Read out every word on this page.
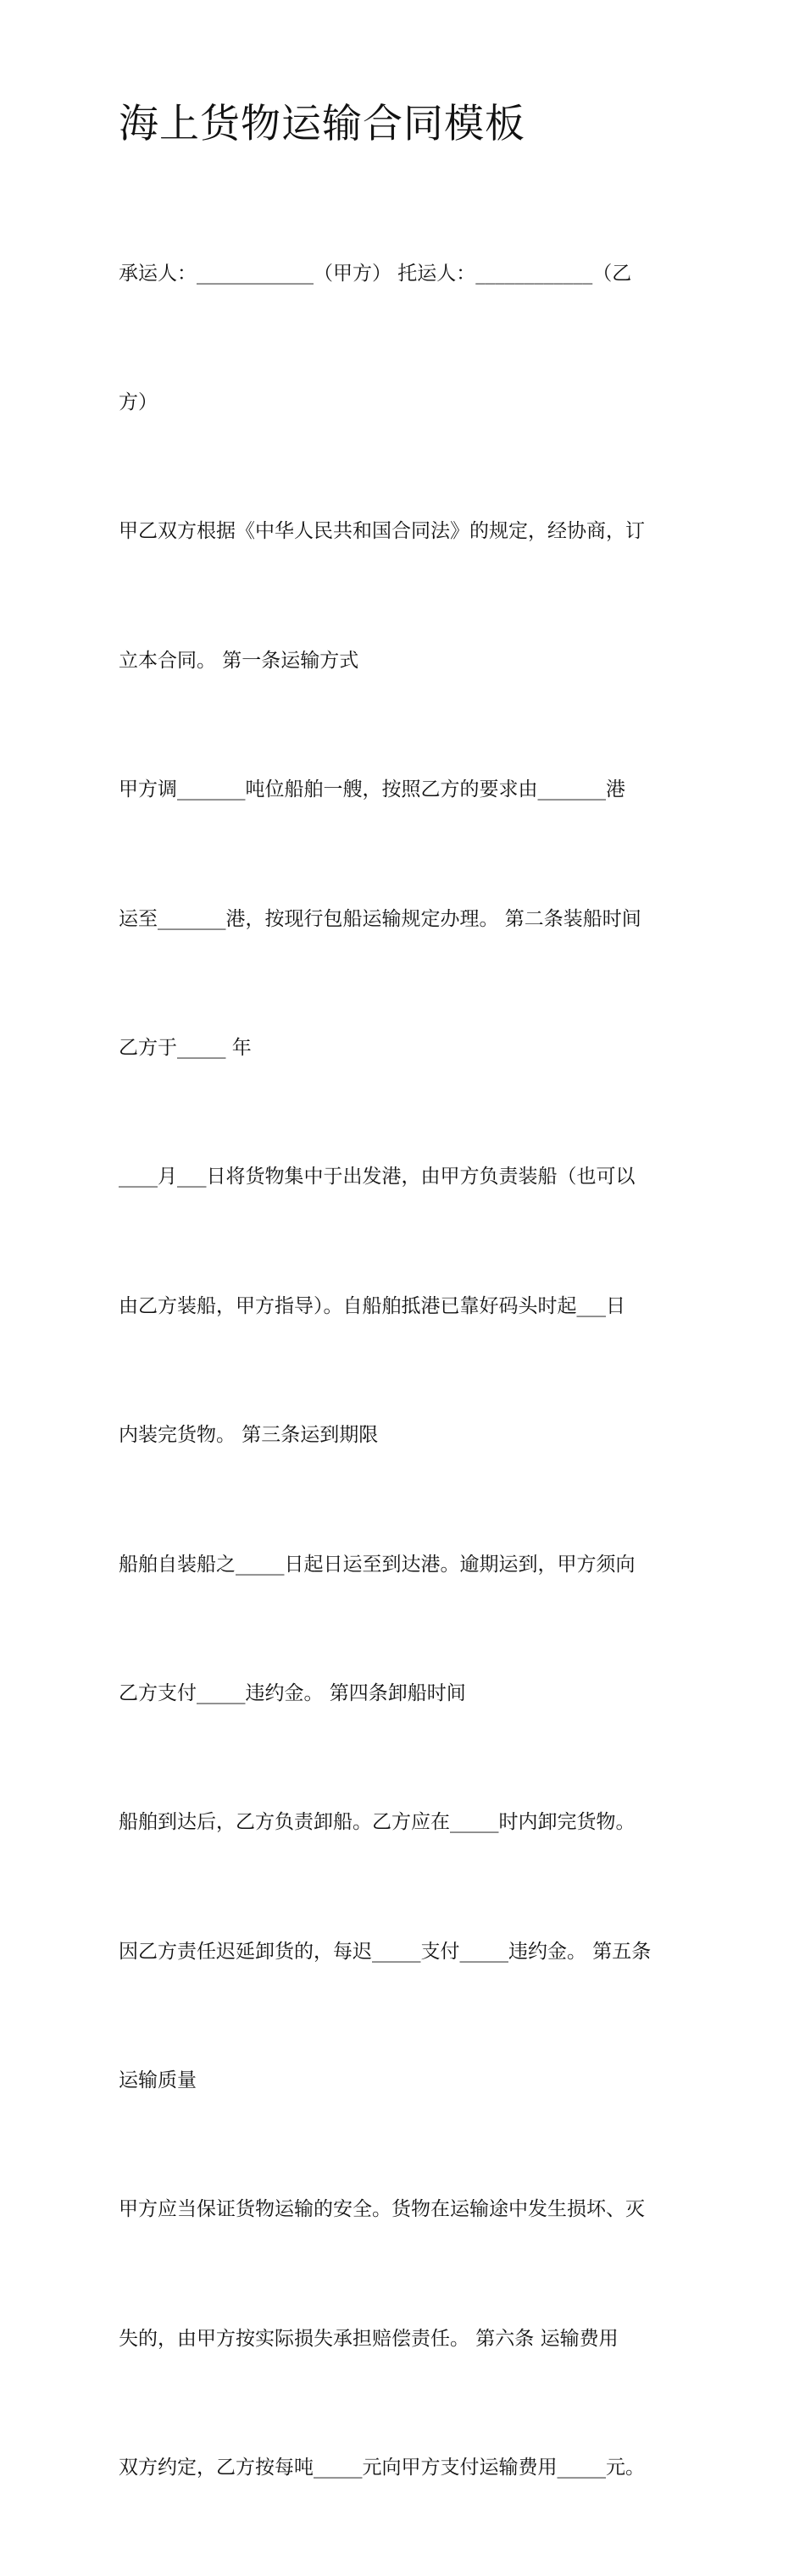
海上货物运输合同模板

承运人：____________（甲方） 托运人：____________（乙

方）

甲乙双方根据《中华人民共和国合同法》的规定，经协商，订

立本合同。 第一条运输方式

甲方调_______吨位船舶一艘，按照乙方的要求由_______港

运至_______港，按现行包船运输规定办理。 第二条装船时间

乙方于_____ 年

____月___日将货物集中于出发港，由甲方负责装船（也可以

由乙方装船，甲方指导）。自船舶抵港已靠好码头时起___日

内装完货物。 第三条运到期限

船舶自装船之_____日起日运至到达港。逾期运到，甲方须向

乙方支付_____违约金。 第四条卸船时间

船舶到达后，乙方负责卸船。乙方应在_____时内卸完货物。

因乙方责任迟延卸货的，每迟_____支付_____违约金。 第五条

运输质量

甲方应当保证货物运输的安全。货物在运输途中发生损坏、灭

失的，由甲方按实际损失承担赔偿责任。 第六条 运输费用

双方约定，乙方按每吨_____元向甲方支付运输费用_____元。
